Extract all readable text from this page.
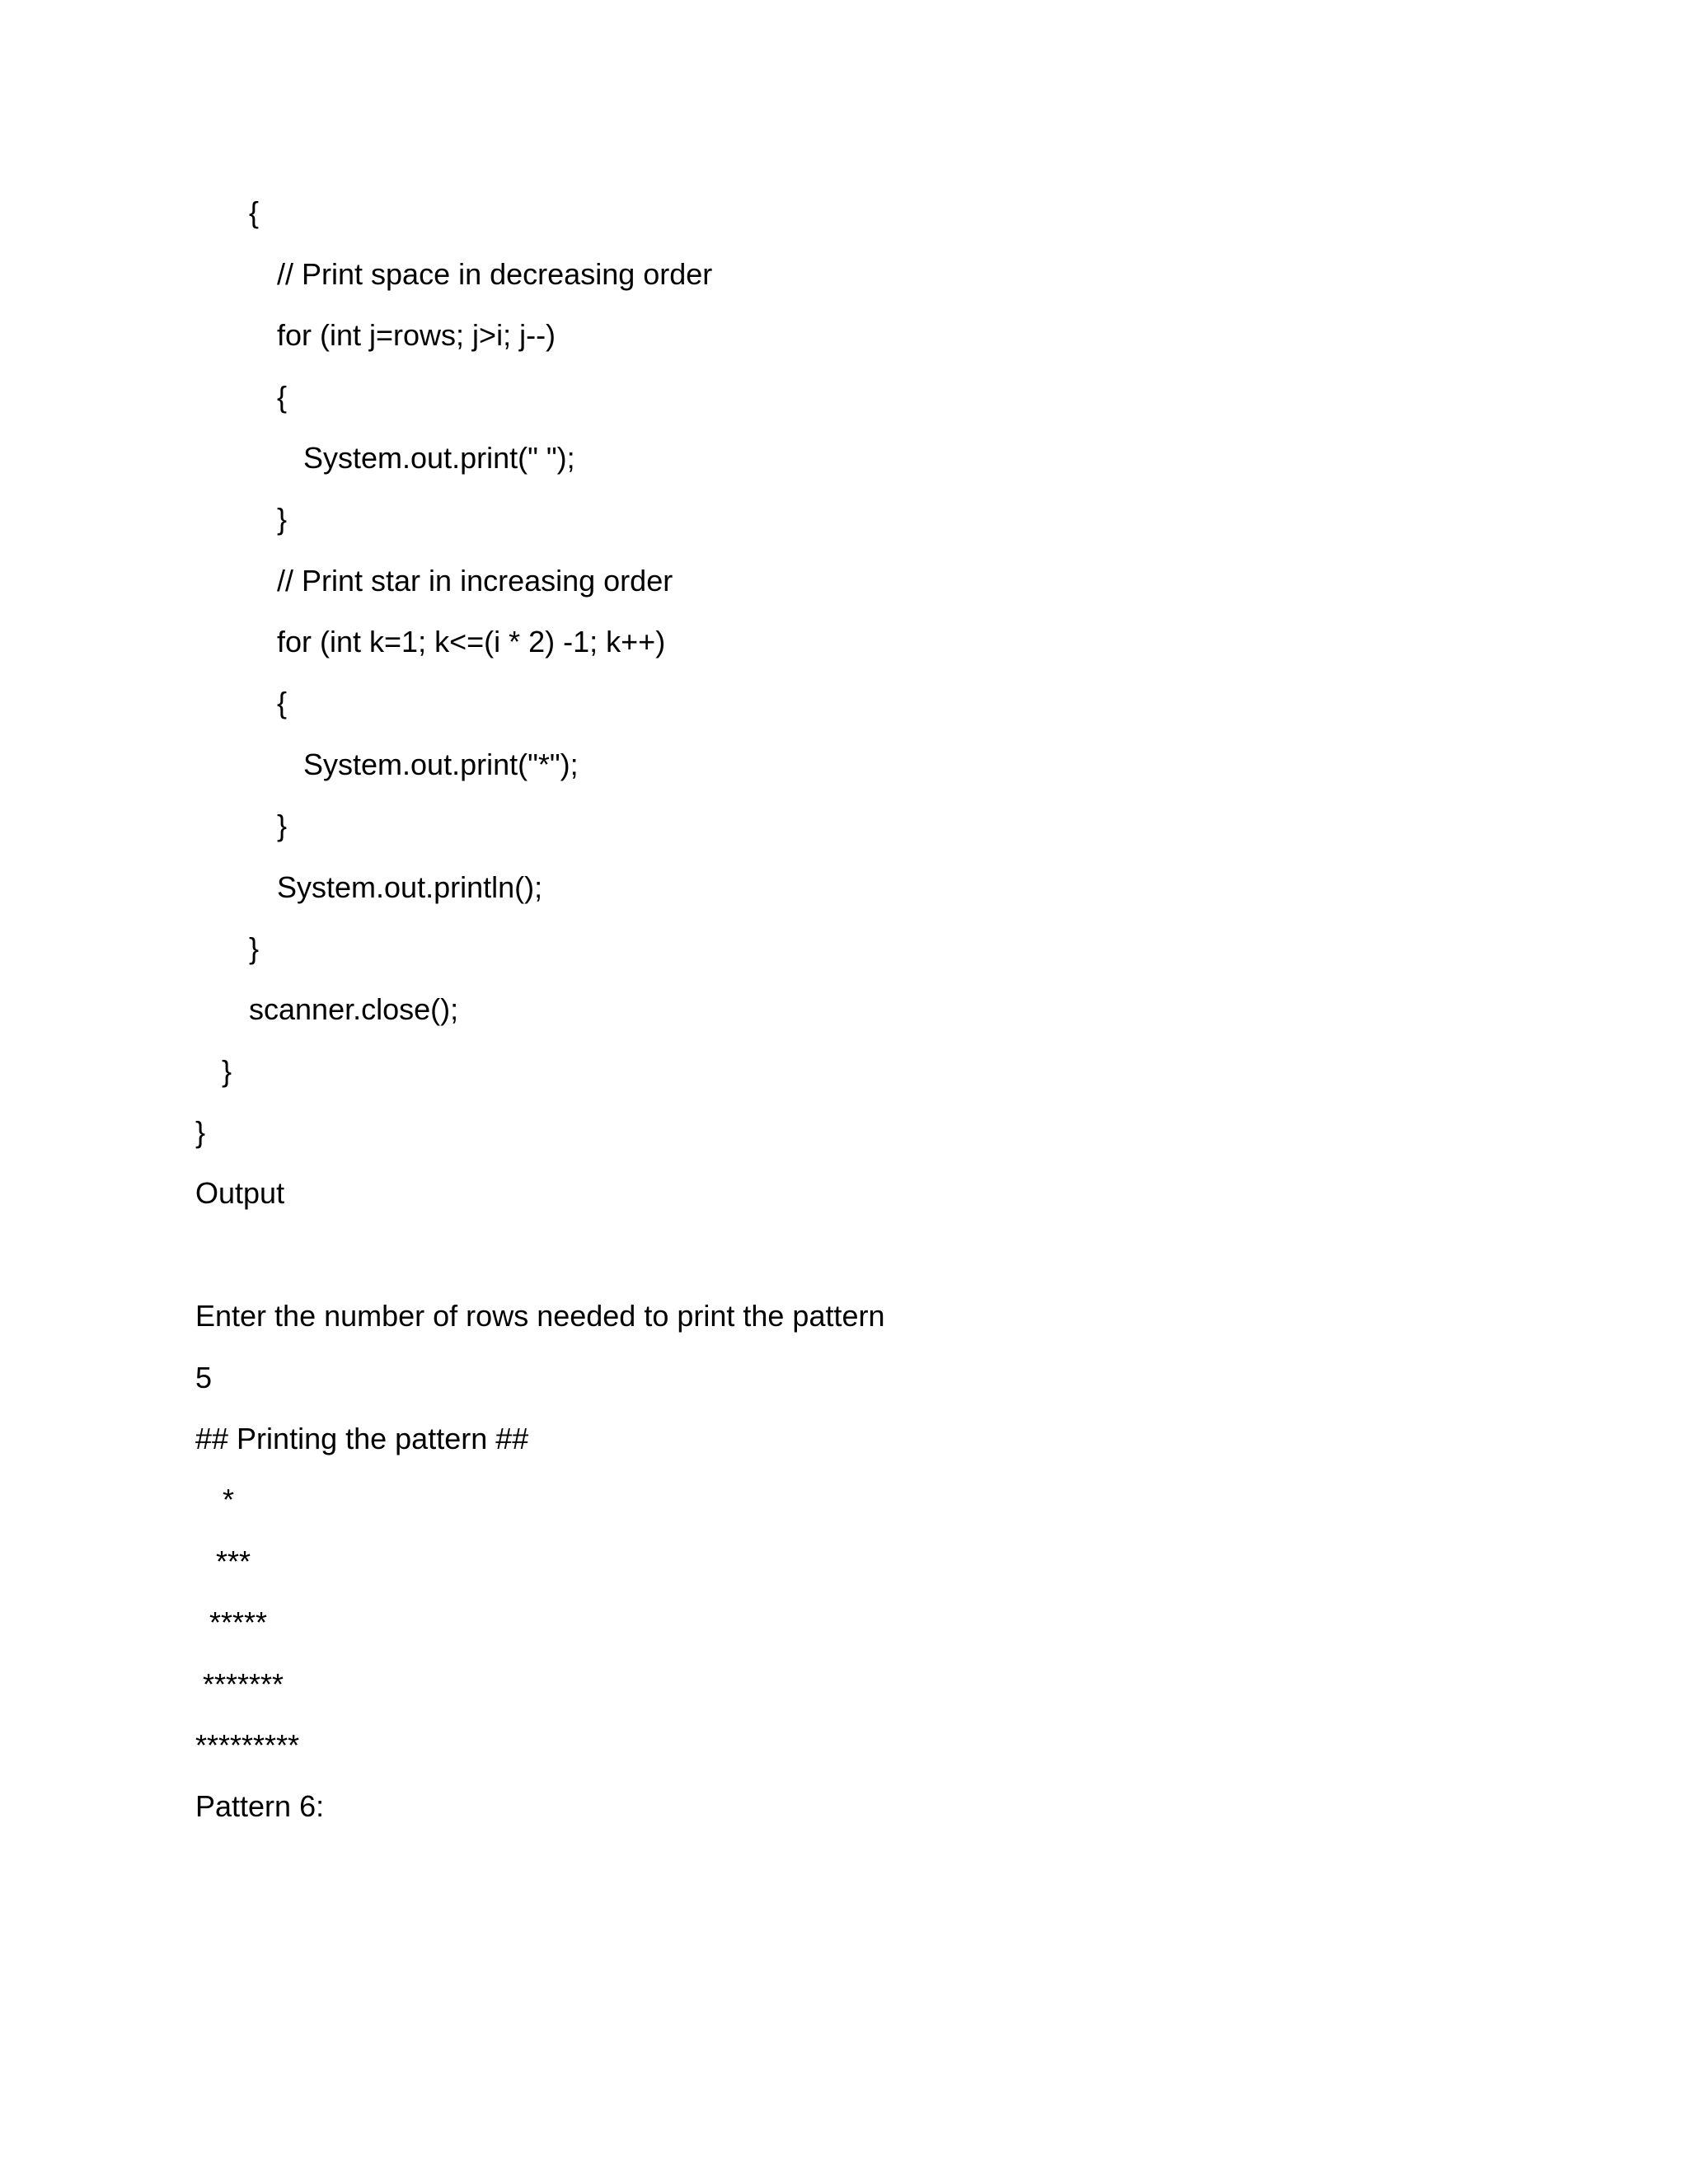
{

// Print space in decreasing order

for (int j=rows; j>i; j--)

{

System.out.print(" ");

}

// Print star in increasing order

for (int k=1; k<=(i * 2) -1; k++)

{

System.out.print("*");

}

System.out.println();

}

scanner.close();

}

}

Output

Enter the number of rows needed to print the pattern

5

## Printing the pattern ##

*

***

*****

*******

*********

Pattern 6:
